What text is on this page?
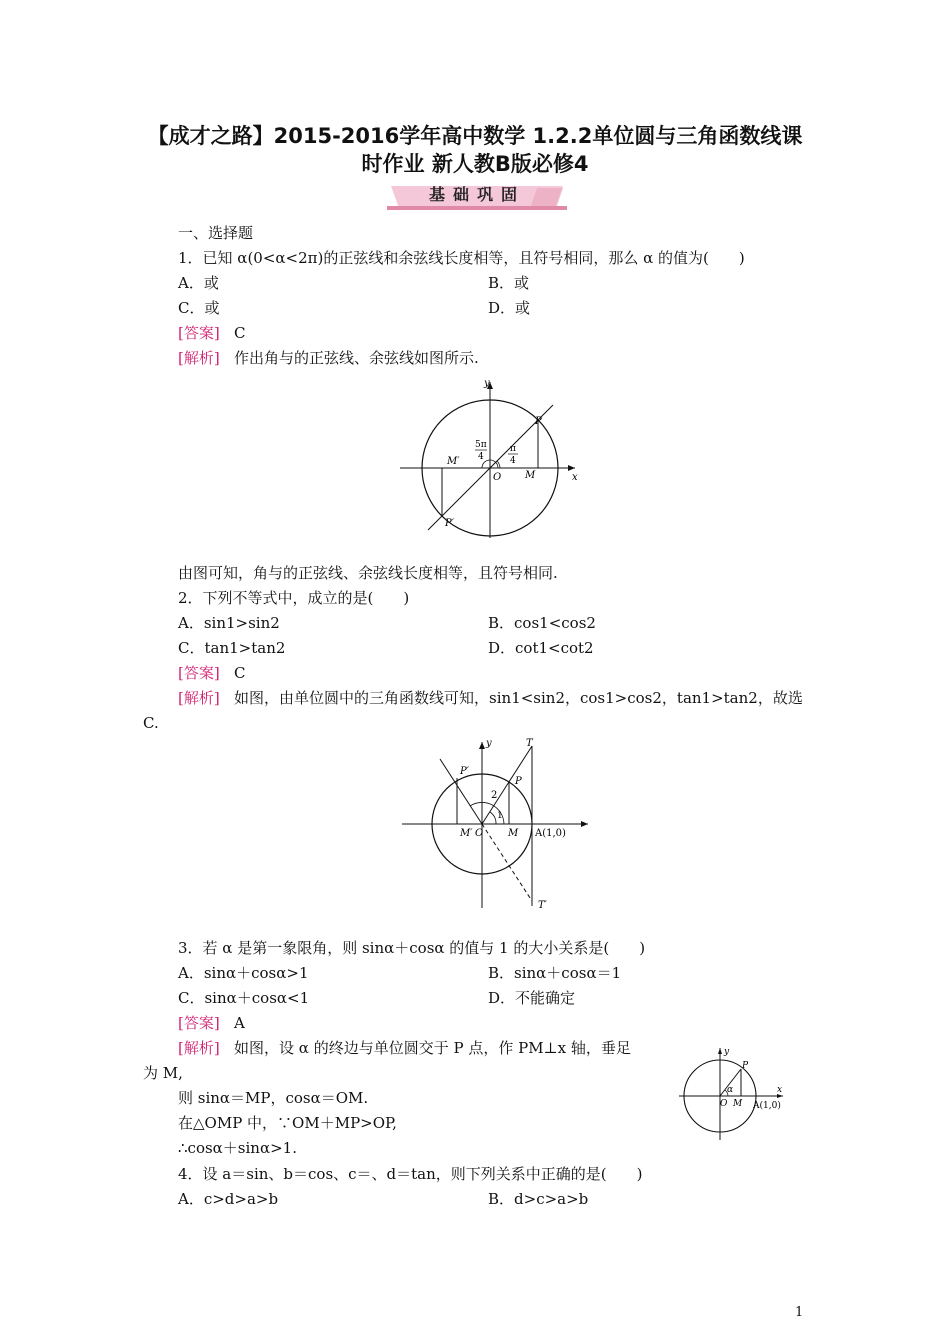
【成才之路】2015-2016学年高中数学 1.2.2单位圆与三角函数线课
时作业 新人教B版必修4
基础巩固
一、选择题
1．已知 α(0<α<2π)的正弦线和余弦线长度相等，且符号相同，那么 α 的值为(　　)
A．或	B．或
C．或	D．或
[答案] C
[解析] 作出角与的正弦线、余弦线如图所示.
y
x
P
M
M′
P′
O
5π
4
π
4
由图可知，角与的正弦线、余弦线长度相等，且符号相同.
2．下列不等式中，成立的是(　　)
A．sin1>sin2	B．cos1<cos2
C．tan1>tan2	D．cot1<cot2
[答案] C
[解析] 如图，由单位圆中的三角函数线可知，sin1<sin2，cos1>cos2，tan1>tan2，故选
C.
y	T
P
P′
M′ O M A(1,0)
T′
2
1
3．若 α 是第一象限角，则 sinα＋cosα 的值与 1 的大小关系是(　　)
A．sinα＋cosα>1	B．sinα＋cosα＝1
C．sinα＋cosα<1	D．不能确定
[答案] A
[解析] 如图，设 α 的终边与单位圆交于 P 点，作 PM⊥x 轴，垂足
为 M,
则 sinα＝MP，cosα＝OM.
在△OMP 中，∵OM＋MP>OP,
∴cosα＋sinα>1.
y
x
P
α
O M A(1,0)
4．设 a＝sin、b＝cos、c＝、d＝tan，则下列关系中正确的是(　　)
A．c>d>a>b	B．d>c>a>b
1
